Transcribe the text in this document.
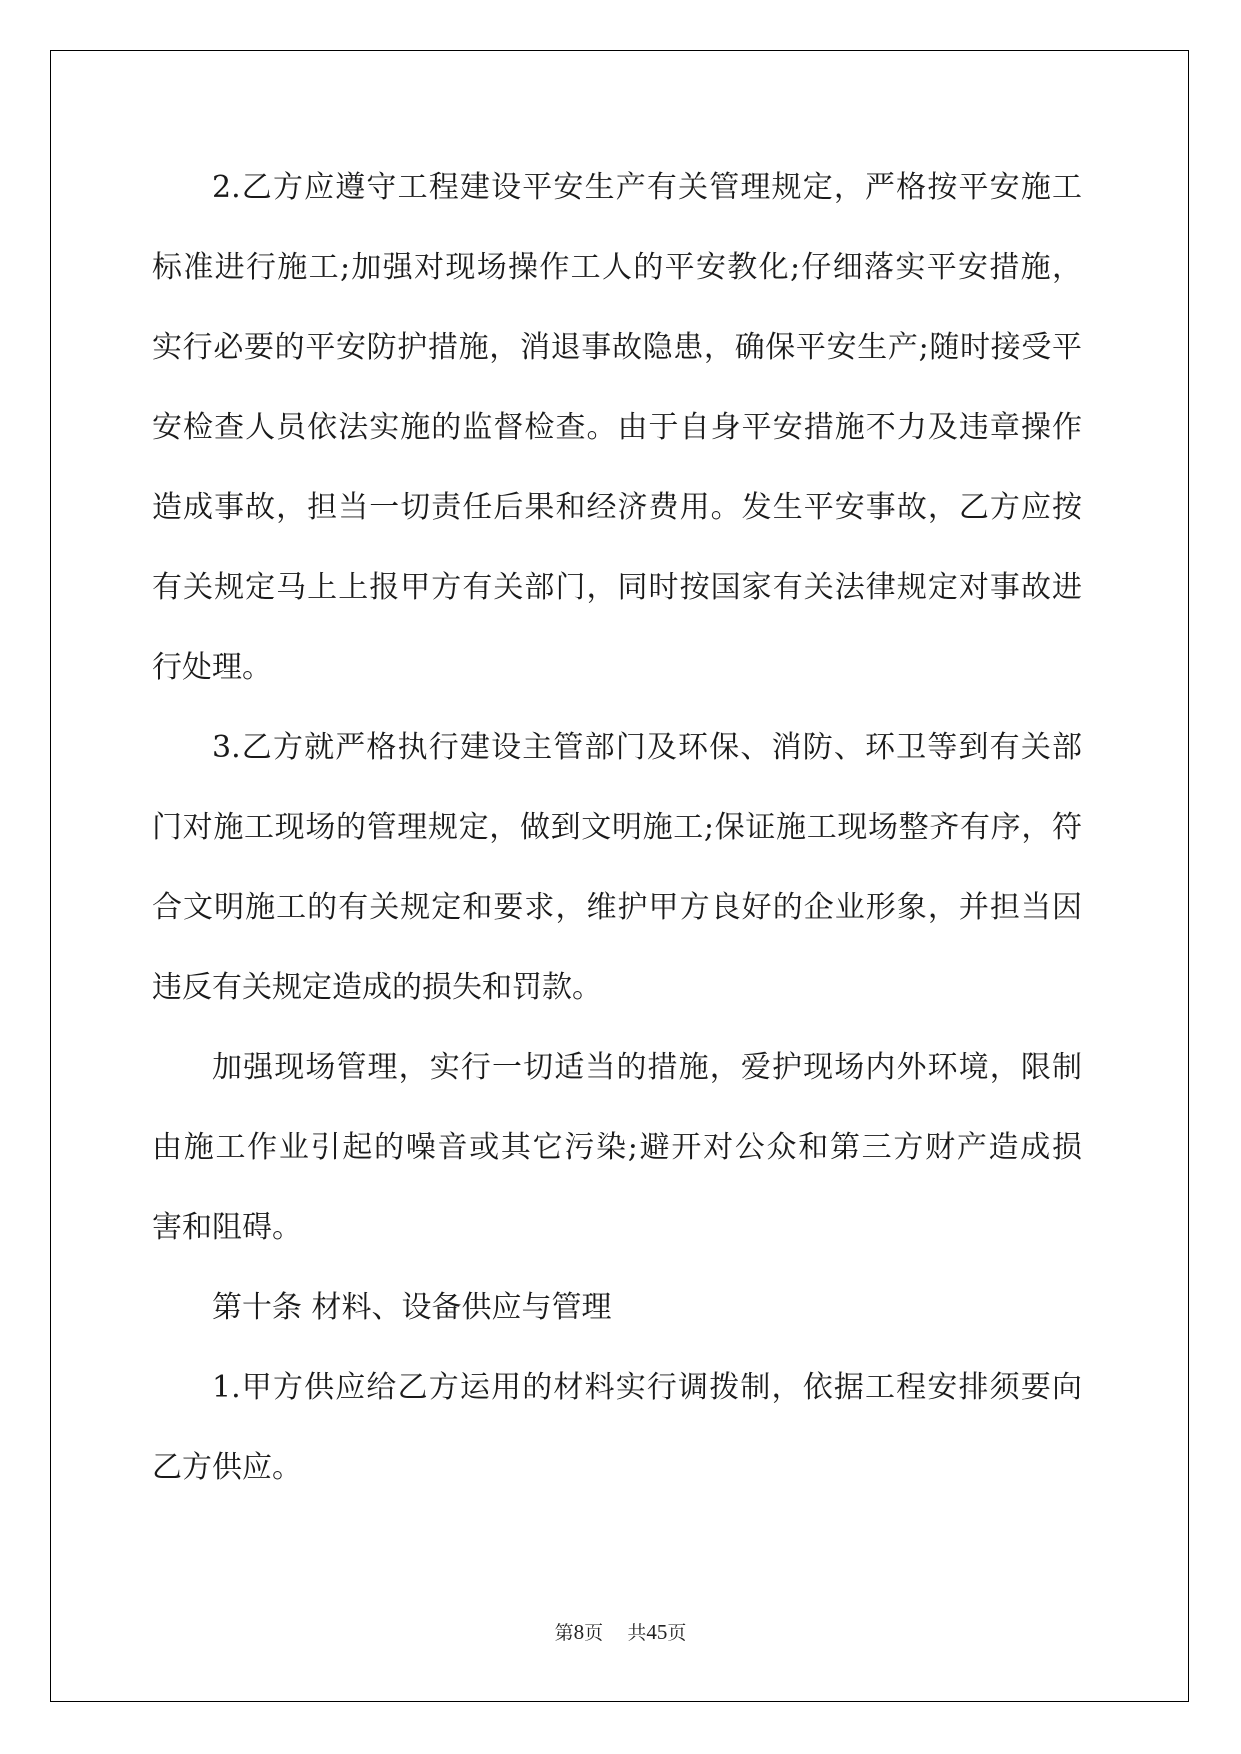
2.乙方应遵守工程建设平安生产有关管理规定，严格按平安施工
标准进行施工;加强对现场操作工人的平安教化;仔细落实平安措施，
实行必要的平安防护措施，消退事故隐患，确保平安生产;随时接受平
安检查人员依法实施的监督检查。由于自身平安措施不力及违章操作
造成事故，担当一切责任后果和经济费用。发生平安事故，乙方应按
有关规定马上上报甲方有关部门，同时按国家有关法律规定对事故进
行处理。
3.乙方就严格执行建设主管部门及环保、消防、环卫等到有关部
门对施工现场的管理规定，做到文明施工;保证施工现场整齐有序，符
合文明施工的有关规定和要求，维护甲方良好的企业形象，并担当因
违反有关规定造成的损失和罚款。
加强现场管理，实行一切适当的措施，爱护现场内外环境，限制
由施工作业引起的噪音或其它污染;避开对公众和第三方财产造成损
害和阻碍。
第十条 材料、设备供应与管理
1.甲方供应给乙方运用的材料实行调拨制，依据工程安排须要向
乙方供应。
第8页 共45页
